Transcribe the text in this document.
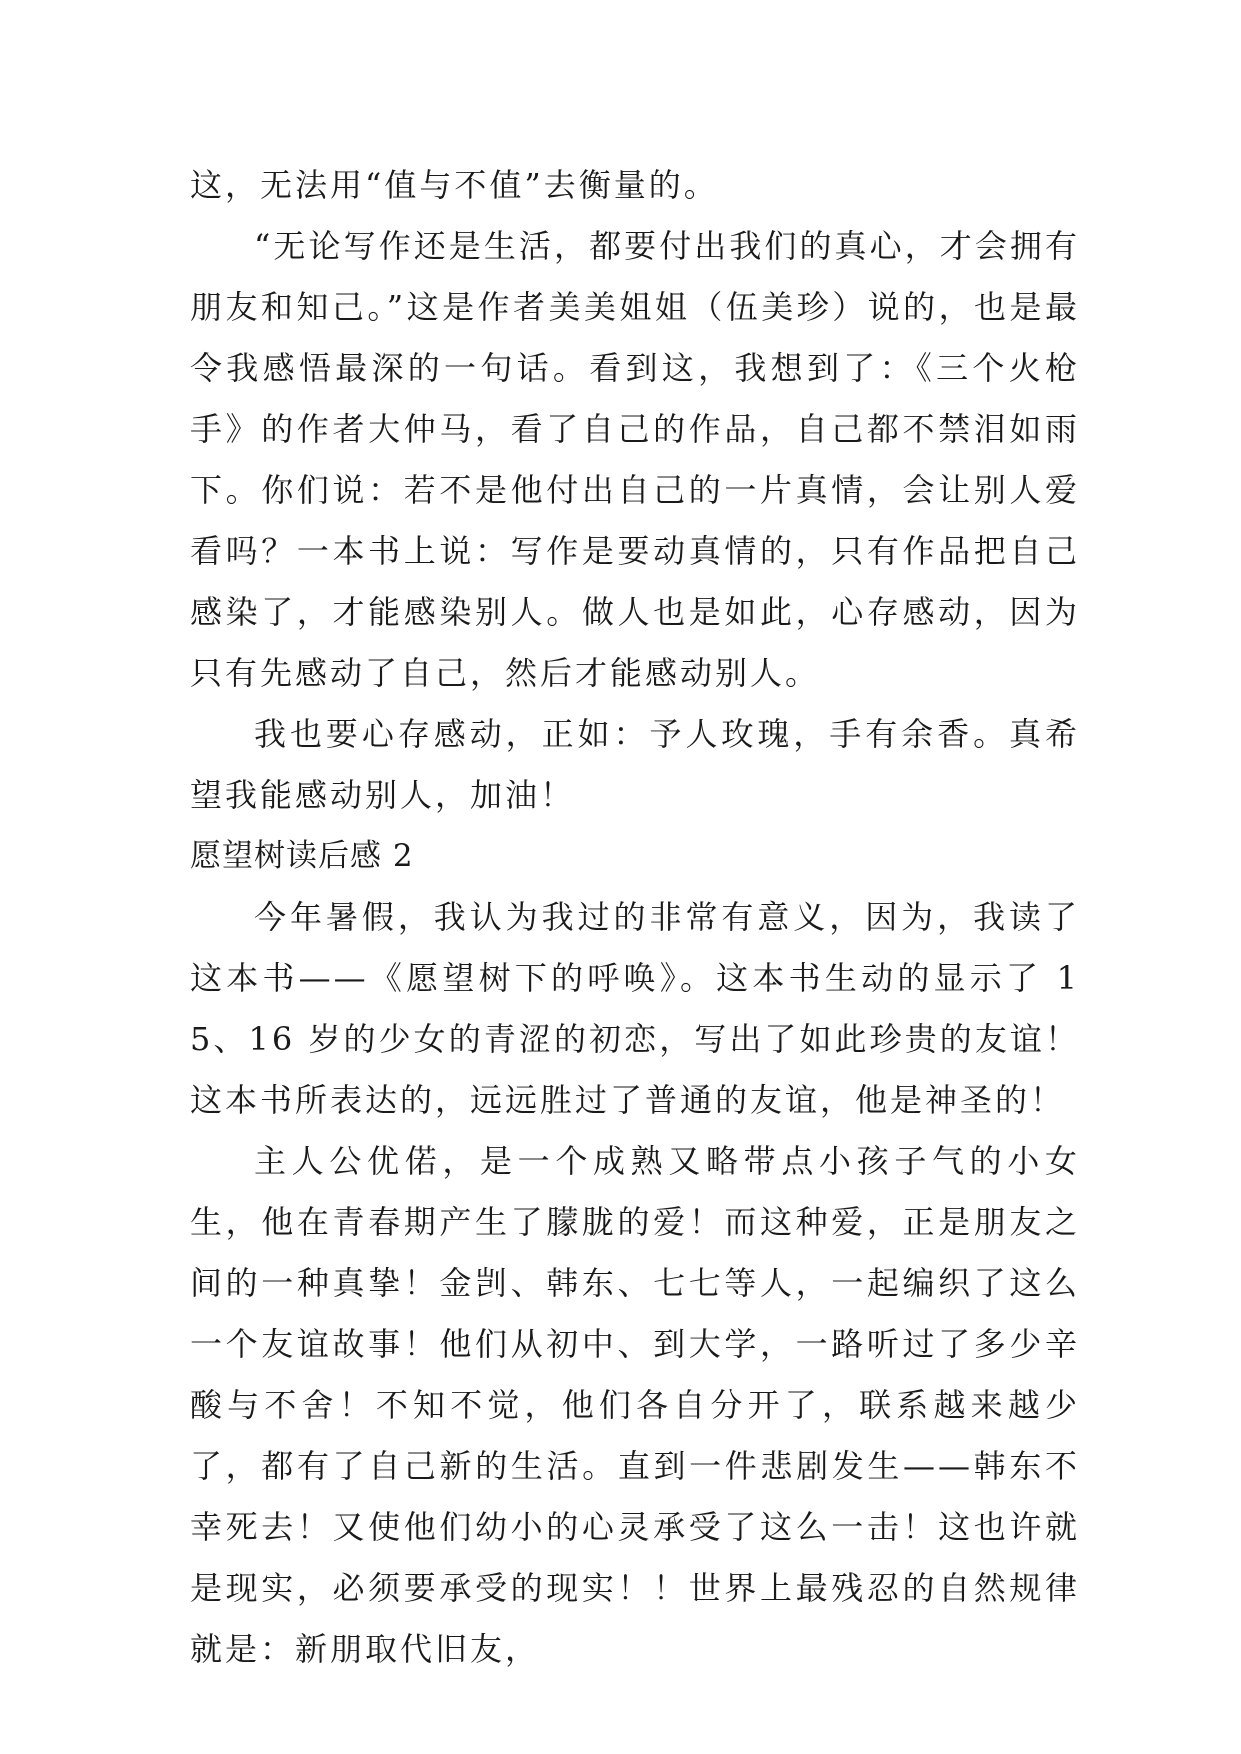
这，无法用“值与不值”去衡量的。

“无论写作还是生活，都要付出我们的真心，才会拥有朋友和知己。”这是作者美美姐姐（伍美珍）说的，也是最令我感悟最深的一句话。看到这，我想到了：《三个火枪手》的作者大仲马，看了自己的作品，自己都不禁泪如雨下。你们说：若不是他付出自己的一片真情，会让别人爱看吗？一本书上说：写作是要动真情的，只有作品把自己感染了，才能感染别人。做人也是如此，心存感动，因为只有先感动了自己，然后才能感动别人。

我也要心存感动，正如：予人玫瑰，手有余香。真希望我能感动别人，加油！

愿望树读后感 2

今年暑假，我认为我过的非常有意义，因为，我读了这本书——《愿望树下的呼唤》。这本书生动的显示了 15、16 岁的少女的青涩的初恋，写出了如此珍贵的友谊！这本书所表达的，远远胜过了普通的友谊，他是神圣的！

主人公优偌，是一个成熟又略带点小孩子气的小女生，他在青春期产生了朦胧的爱！而这种爱，正是朋友之间的一种真挚！金剀、韩东、七七等人，一起编织了这么一个友谊故事！他们从初中、到大学，一路听过了多少辛酸与不舍！不知不觉，他们各自分开了，联系越来越少了，都有了自己新的生活。直到一件悲剧发生——韩东不幸死去！又使他们幼小的心灵承受了这么一击！这也许就是现实，必须要承受的现实！！世界上最残忍的自然规律就是：新朋取代旧友，
